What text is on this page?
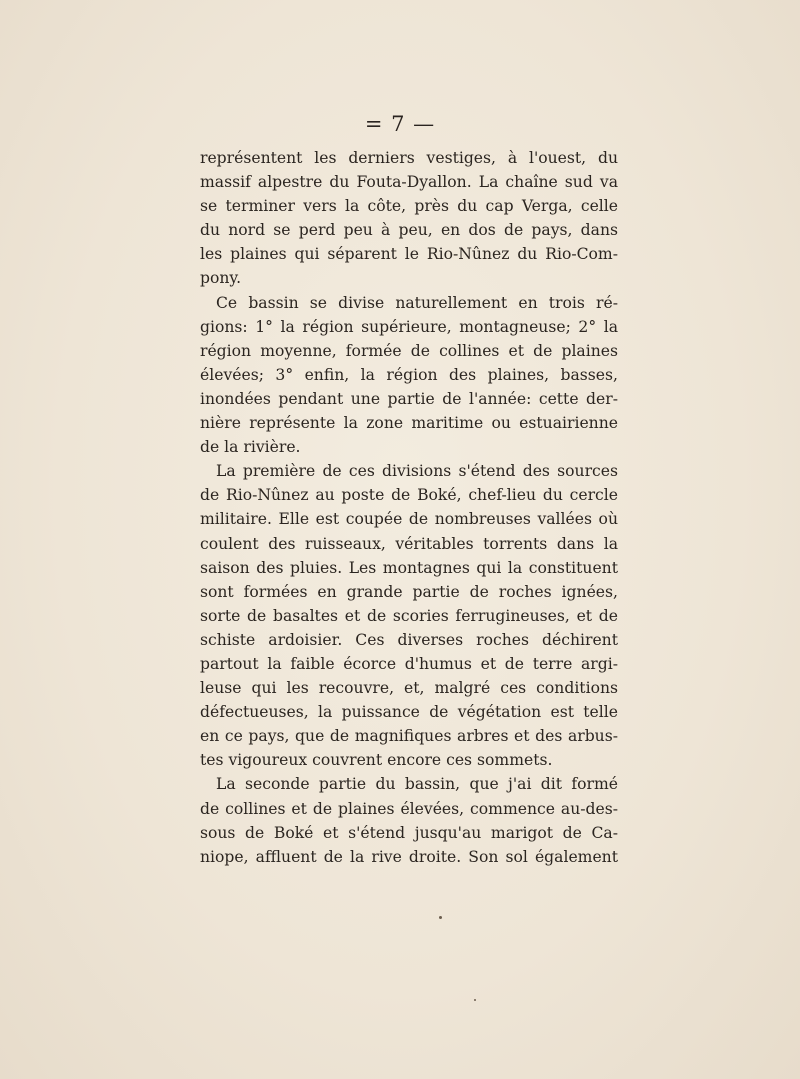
= 7 —
représentent les derniers vestiges, à l'ouest, du
massif alpestre du Fouta-Dyallon. La chaîne sud va
se terminer vers la côte, près du cap Verga, celle
du nord se perd peu à peu, en dos de pays, dans
les plaines qui séparent le Rio-Nûnez du Rio-Com-
pony.
Ce bassin se divise naturellement en trois ré-
gions: 1° la région supérieure, montagneuse; 2° la
région moyenne, formée de collines et de plaines
élevées; 3° enfin, la région des plaines, basses,
inondées pendant une partie de l'année: cette der-
nière représente la zone maritime ou estuairienne
de la rivière.
La première de ces divisions s'étend des sources
de Rio-Nûnez au poste de Boké, chef-lieu du cercle
militaire. Elle est coupée de nombreuses vallées où
coulent des ruisseaux, véritables torrents dans la
saison des pluies. Les montagnes qui la constituent
sont formées en grande partie de roches ignées,
sorte de basaltes et de scories ferrugineuses, et de
schiste ardoisier. Ces diverses roches déchirent
partout la faible écorce d'humus et de terre argi-
leuse qui les recouvre, et, malgré ces conditions
défectueuses, la puissance de végétation est telle
en ce pays, que de magnifiques arbres et des arbus-
tes vigoureux couvrent encore ces sommets.
La seconde partie du bassin, que j'ai dit formé
de collines et de plaines élevées, commence au-des-
sous de Boké et s'étend jusqu'au marigot de Ca-
niope, affluent de la rive droite. Son sol également
